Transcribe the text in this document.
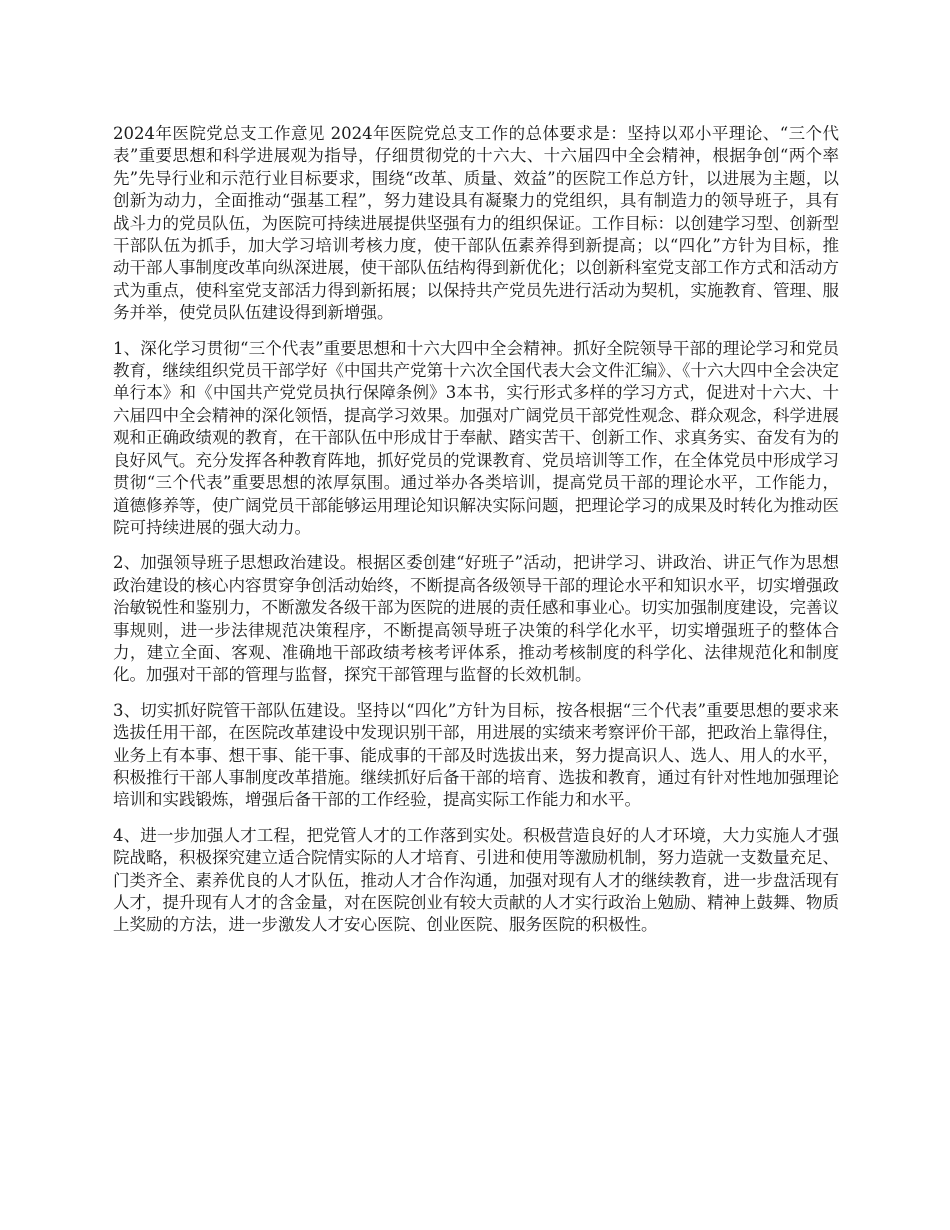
2024年医院党总支工作意见 2024年医院党总支工作的总体要求是：坚持以邓小平理论、“三个代表”重要思想和科学进展观为指导，仔细贯彻党的十六大、十六届四中全会精神，根据争创“两个率先”先导行业和示范行业目标要求，围绕“改革、质量、效益”的医院工作总方针，以进展为主题，以创新为动力，全面推动“强基工程”，努力建设具有凝聚力的党组织，具有制造力的领导班子，具有战斗力的党员队伍，为医院可持续进展提供坚强有力的组织保证。工作目标：以创建学习型、创新型干部队伍为抓手，加大学习培训考核力度，使干部队伍素养得到新提高；以“四化”方针为目标，推动干部人事制度改革向纵深进展，使干部队伍结构得到新优化；以创新科室党支部工作方式和活动方式为重点，使科室党支部活力得到新拓展；以保持共产党员先进行活动为契机，实施教育、管理、服务并举，使党员队伍建设得到新增强。

1、深化学习贯彻“三个代表”重要思想和十六大四中全会精神。抓好全院领导干部的理论学习和党员教育，继续组织党员干部学好《中国共产党第十六次全国代表大会文件汇编》、《十六大四中全会决定单行本》和《中国共产党党员执行保障条例》3本书，实行形式多样的学习方式，促进对十六大、十六届四中全会精神的深化领悟，提高学习效果。加强对广阔党员干部党性观念、群众观念，科学进展观和正确政绩观的教育，在干部队伍中形成甘于奉献、踏实苦干、创新工作、求真务实、奋发有为的良好风气。充分发挥各种教育阵地，抓好党员的党课教育、党员培训等工作，在全体党员中形成学习贯彻“三个代表”重要思想的浓厚氛围。通过举办各类培训，提高党员干部的理论水平，工作能力，道德修养等，使广阔党员干部能够运用理论知识解决实际问题，把理论学习的成果及时转化为推动医院可持续进展的强大动力。

2、加强领导班子思想政治建设。根据区委创建“好班子”活动，把讲学习、讲政治、讲正气作为思想政治建设的核心内容贯穿争创活动始终，不断提高各级领导干部的理论水平和知识水平，切实增强政治敏锐性和鉴别力，不断激发各级干部为医院的进展的责任感和事业心。切实加强制度建设，完善议事规则，进一步法律规范决策程序，不断提高领导班子决策的科学化水平，切实增强班子的整体合力，建立全面、客观、准确地干部政绩考核考评体系，推动考核制度的科学化、法律规范化和制度化。加强对干部的管理与监督，探究干部管理与监督的长效机制。

3、切实抓好院管干部队伍建设。坚持以“四化”方针为目标，按各根据“三个代表”重要思想的要求来选拔任用干部，在医院改革建设中发现识别干部，用进展的实绩来考察评价干部，把政治上靠得住，业务上有本事、想干事、能干事、能成事的干部及时选拔出来，努力提高识人、选人、用人的水平，积极推行干部人事制度改革措施。继续抓好后备干部的培育、选拔和教育，通过有针对性地加强理论培训和实践锻炼，增强后备干部的工作经验，提高实际工作能力和水平。

4、进一步加强人才工程，把党管人才的工作落到实处。积极营造良好的人才环境，大力实施人才强院战略，积极探究建立适合院情实际的人才培育、引进和使用等激励机制，努力造就一支数量充足、门类齐全、素养优良的人才队伍，推动人才合作沟通，加强对现有人才的继续教育，进一步盘活现有人才，提升现有人才的含金量，对在医院创业有较大贡献的人才实行政治上勉励、精神上鼓舞、物质上奖励的方法，进一步激发人才安心医院、创业医院、服务医院的积极性。
